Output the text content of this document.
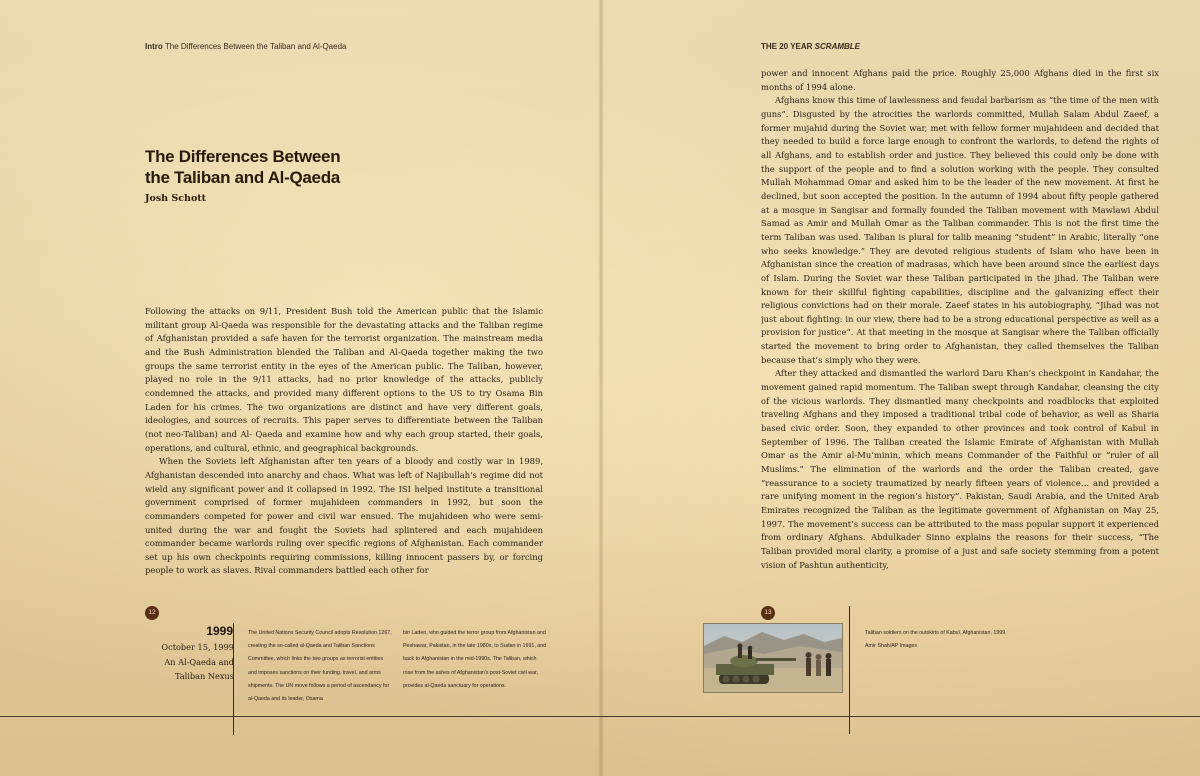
Intro The Differences Between the Taliban and Al-Qaeda	THE 20 YEAR SCRAMBLE
The Differences Between
the Taliban and Al-Qaeda
Josh Schott

Following the attacks on 9/11, President Bush told the American public that the Islamic militant group Al-Qaeda was responsible for the devastating attacks and the Taliban regime of Afghanistan provided a safe haven for the terrorist organization. The mainstream media and the Bush Administration blended the Taliban and Al-Qaeda together making the two groups the same terrorist entity in the eyes of the American public. The Taliban, however, played no role in the 9/11 attacks, had no prior knowledge of the attacks, publicly condemned the attacks, and provided many different options to the US to try Osama Bin Laden for his crimes. The two organizations are distinct and have very different goals, ideologies, and sources of recruits. This paper serves to differentiate between the Taliban (not neo-Taliban) and Al- Qaeda and examine how and why each group started, their goals, operations, and cultural, ethnic, and geographical backgrounds.

When the Soviets left Afghanistan after ten years of a bloody and costly war in 1989, Afghanistan descended into anarchy and chaos. What was left of Najibullah's regime did not wield any significant power and it collapsed in 1992. The ISI helped institute a transitional government comprised of former mujahideen commanders in 1992, but soon the commanders competed for power and civil war ensued. The mujahideen who were semi-united during the war and fought the Soviets had splintered and each mujahideen commander became warlords ruling over specific regions of Afghanistan. Each commander set up his own checkpoints requiring commissions, killing innocent passers by, or forcing people to work as slaves. Rival commanders battled each other for

power and innocent Afghans paid the price. Roughly 25,000 Afghans died in the first six months of 1994 alone.

Afghans know this time of lawlessness and feudal barbarism as “the time of the men with guns”. Disgusted by the atrocities the warlords committed, Mullah Salam Abdul Zaeef, a former mujahid during the Soviet war, met with fellow former mujahideen and decided that they needed to build a force large enough to confront the warlords, to defend the rights of all Afghans, and to establish order and justice. They believed this could only be done with the support of the people and to find a solution working with the people. They consulted Mullah Mohammad Omar and asked him to be the leader of the new movement. At first he declined, but soon accepted the position. In the autumn of 1994 about fifty people gathered at a mosque in Sangisar and formally founded the Taliban movement with Mawlawi Abdul Samad as Amir and Mullah Omar as the Taliban commander. This is not the first time the term Taliban was used. Taliban is plural for talib meaning “student” in Arabic, literally “one who seeks knowledge.” They are devoted religious students of Islam who have been in Afghanistan since the creation of madrasas, which have been around since the earliest days of Islam. During the Soviet war these Taliban participated in the jihad. The Taliban were known for their skillful fighting capabilities, discipline and the galvanizing effect their religious convictions had on their morale. Zaeef states in his autobiography, “Jihad was not just about fighting: in our view, there had to be a strong educational perspective as well as a provision for justice”. At that meeting in the mosque at Sangisar where the Taliban officially started the movement to bring order to Afghanistan, they called themselves the Taliban because that’s simply who they were.

After they attacked and dismantled the warlord Daru Khan’s checkpoint in Kandahar, the movement gained rapid momentum. The Taliban swept through Kandahar, cleansing the city of the vicious warlords. They dismantled many checkpoints and roadblocks that exploited traveling Afghans and they imposed a traditional tribal code of behavior, as well as Sharia based civic order. Soon, they expanded to other provinces and took control of Kabul in September of 1996. The Taliban created the Islamic Emirate of Afghanistan with Mullah Omar as the Amir al-Mu’minin, which means Commander of the Faithful or “ruler of all Muslims.” The elimination of the warlords and the order the Taliban created, gave “reassurance to a society traumatized by nearly fifteen years of violence… and provided a rare unifying moment in the region’s history”. Pakistan, Saudi Arabia, and the United Arab Emirates recognized the Taliban as the legitimate government of Afghanistan on May 25, 1997. The movement’s success can be attributed to the mass popular support it experienced from ordinary Afghans. Abdulkader Sinno explains the reasons for their success, “The Taliban provided moral clarity, a promise of a just and safe society stemming from a potent vision of Pashtun authenticity,

12	13
1999
October 15, 1999
An Al-Qaeda and
Taliban Nexus
The United Nations Security Council adopts Resolution 1267, creating the so-called al-Qaeda and Taliban Sanctions Committee, which links the two groups as terrorist entities and imposes sanctions on their funding, travel, and arms shipments. The UN move follows a period of ascendancy for al-Qaeda and its leader, Osama
bin Laden, who guided the terror group from Afghanistan and Peshawar, Pakistan, in the late 1980s, to Sudan in 1991, and back to Afghanistan in the mid-1990s. The Taliban, which rose from the ashes of Afghanistan's post-Soviet civil war, provides al-Qaeda sanctuary for operations.
Taliban soldiers on the outskirts of Kabul, Afghanistan, 1999. Amir Shah/AP Images
